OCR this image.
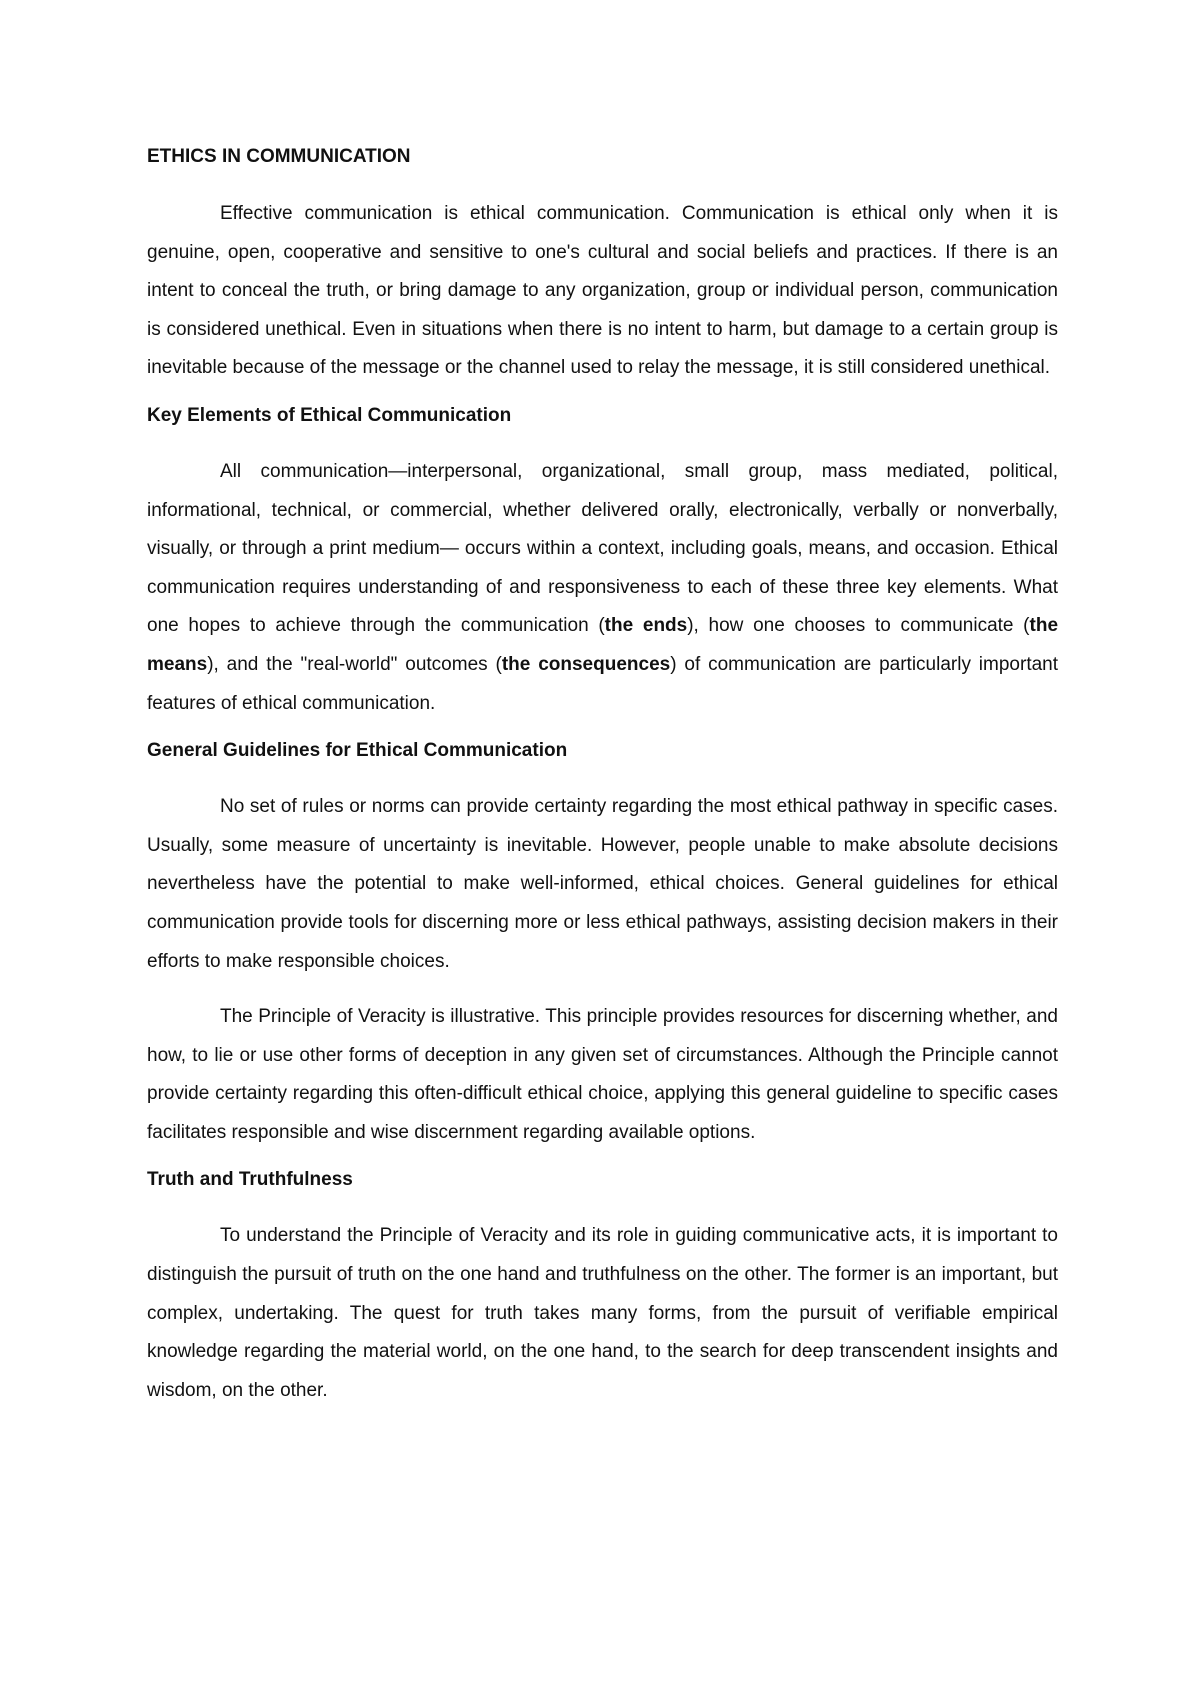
ETHICS IN COMMUNICATION

Effective communication is ethical communication. Communication is ethical only when it is genuine, open, cooperative and sensitive to one's cultural and social beliefs and practices. If there is an intent to conceal the truth, or bring damage to any organization, group or individual person, communication is considered unethical. Even in situations when there is no intent to harm, but damage to a certain group is inevitable because of the message or the channel used to relay the message, it is still considered unethical.

Key Elements of Ethical Communication

All communication—interpersonal, organizational, small group, mass mediated, political, informational, technical, or commercial, whether delivered orally, electronically, verbally or nonverbally, visually, or through a print medium— occurs within a context, including goals, means, and occasion. Ethical communication requires understanding of and responsiveness to each of these three key elements. What one hopes to achieve through the communication (the ends), how one chooses to communicate (the means), and the "real-world" outcomes (the consequences) of communication are particularly important features of ethical communication.

General Guidelines for Ethical Communication

No set of rules or norms can provide certainty regarding the most ethical pathway in specific cases. Usually, some measure of uncertainty is inevitable. However, people unable to make absolute decisions nevertheless have the potential to make well-informed, ethical choices. General guidelines for ethical communication provide tools for discerning more or less ethical pathways, assisting decision makers in their efforts to make responsible choices.

The Principle of Veracity is illustrative. This principle provides resources for discerning whether, and how, to lie or use other forms of deception in any given set of circumstances. Although the Principle cannot provide certainty regarding this often-difficult ethical choice, applying this general guideline to specific cases facilitates responsible and wise discernment regarding available options.

Truth and Truthfulness

To understand the Principle of Veracity and its role in guiding communicative acts, it is important to distinguish the pursuit of truth on the one hand and truthfulness on the other. The former is an important, but complex, undertaking. The quest for truth takes many forms, from the pursuit of verifiable empirical knowledge regarding the material world, on the one hand, to the search for deep transcendent insights and wisdom, on the other.
